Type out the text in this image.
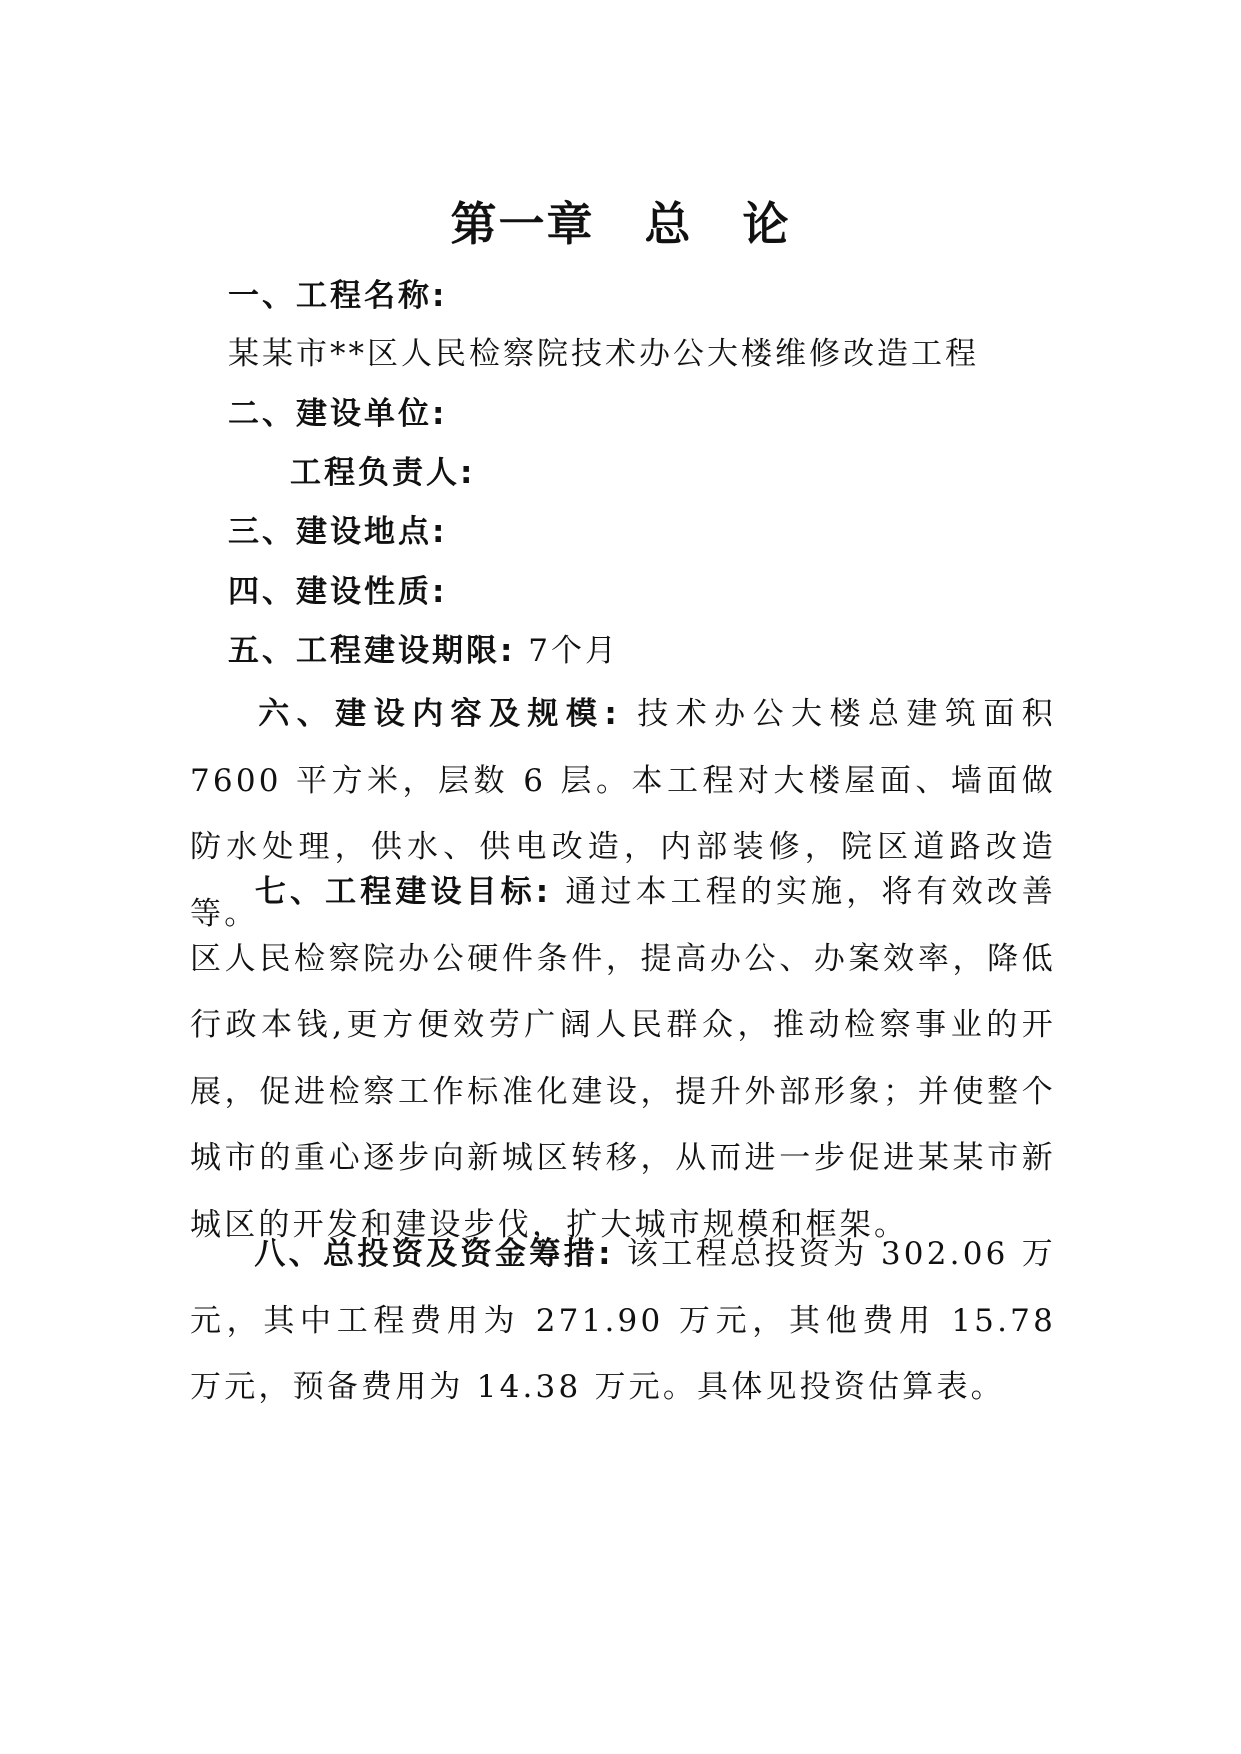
第一章 总 论
一、工程名称:
某某市**区人民检察院技术办公大楼维修改造工程
二、建设单位:
工程负责人:
三、建设地点:
四、建设性质:
五、工程建设期限: 7个月
六、建设内容及规模: 技术办公大楼总建筑面积 7600 平方米，层数 6 层。本工程对大楼屋面、墙面做防水处理，供水、供电改造，内部装修，院区道路改造等。
七、工程建设目标: 通过本工程的实施，将有效改善区人民检察院办公硬件条件，提高办公、办案效率，降低行政本钱,更方便效劳广阔人民群众，推动检察事业的开展，促进检察工作标准化建设，提升外部形象；并使整个城市的重心逐步向新城区转移，从而进一步促进某某市新城区的开发和建设步伐，扩大城市规模和框架。
八、总投资及资金筹措: 该工程总投资为 302.06 万元，其中工程费用为 271.90 万元，其他费用 15.78 万元，预备费用为 14.38 万元。具体见投资估算表。
